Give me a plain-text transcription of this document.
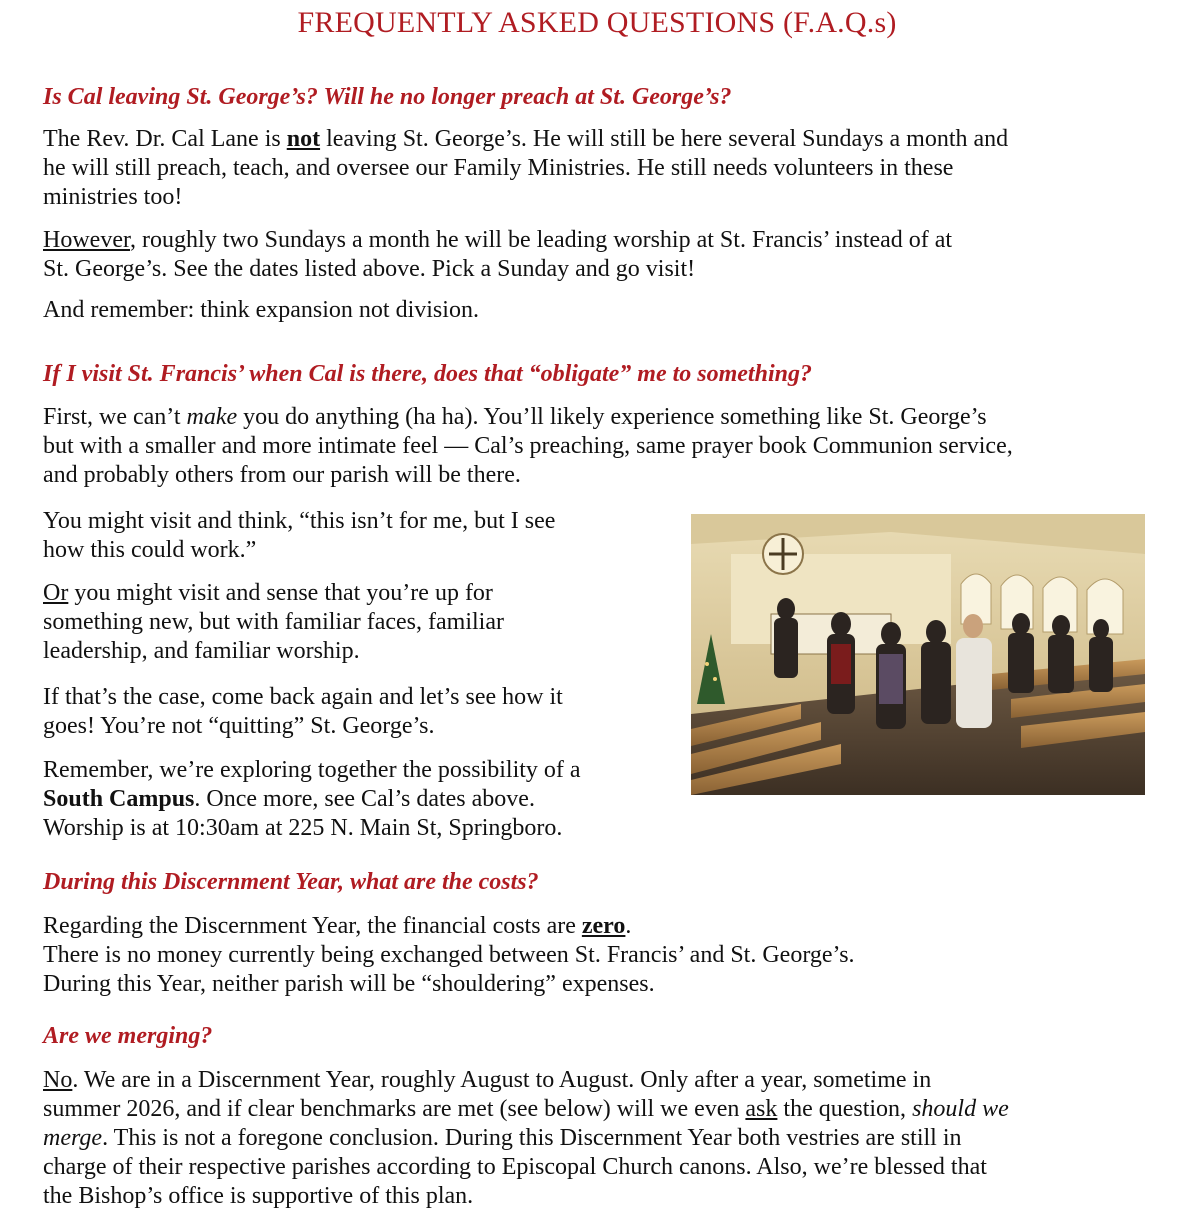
FREQUENTLY ASKED QUESTIONS (F.A.Q.s)
Is Cal leaving St. George’s? Will he no longer preach at St. George’s?
The Rev. Dr. Cal Lane is not leaving St. George’s. He will still be here several Sundays a month and
he will still preach, teach, and oversee our Family Ministries. He still needs volunteers in these
ministries too!
However, roughly two Sundays a month he will be leading worship at St. Francis’ instead of at
St. George’s. See the dates listed above. Pick a Sunday and go visit!
And remember: think expansion not division.
If I visit St. Francis’ when Cal is there, does that “obligate” me to something?
First, we can’t make you do anything (ha ha). You’ll likely experience something like St. George’s
but with a smaller and more intimate feel — Cal’s preaching, same prayer book Communion service,
and probably others from our parish will be there.
You might visit and think, “this isn’t for me, but I see
how this could work.”
Or you might visit and sense that you’re up for
something new, but with familiar faces, familiar
leadership, and familiar worship.
If that’s the case, come back again and let’s see how it
goes! You’re not “quitting” St. George’s.
Remember, we’re exploring together the possibility of a
South Campus. Once more, see Cal’s dates above.
Worship is at 10:30am at 225 N. Main St, Springboro.
During this Discernment Year, what are the costs?
Regarding the Discernment Year, the financial costs are zero.
There is no money currently being exchanged between St. Francis’ and St. George’s.
During this Year, neither parish will be “shouldering” expenses.
Are we merging?
No. We are in a Discernment Year, roughly August to August. Only after a year, sometime in
summer 2026, and if clear benchmarks are met (see below) will we even ask the question, should we
merge. This is not a foregone conclusion. During this Discernment Year both vestries are still in
charge of their respective parishes according to Episcopal Church canons. Also, we’re blessed that
the Bishop’s office is supportive of this plan.
